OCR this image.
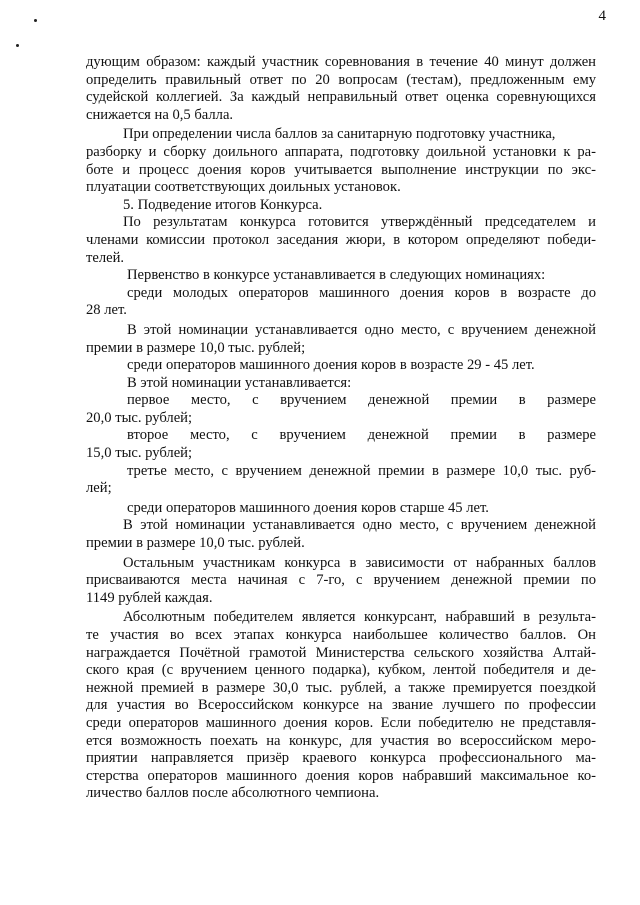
4
дующим образом: каждый участник соревнования в течение 40 минут должен
определить правильный ответ по 20 вопросам (тестам), предложенным ему
судейской коллегией. За каждый неправильный ответ оценка соревнующихся
снижается на 0,5 балла.
При определении числа баллов за санитарную подготовку участника,
разборку и сборку доильного аппарата, подготовку доильной установки к ра-
боте и процесс доения коров учитывается выполнение инструкции по экс-
плуатации соответствующих доильных установок.
5. Подведение итогов Конкурса.
По результатам конкурса готовится утверждённый председателем и
членами комиссии протокол заседания жюри, в котором определяют победи-
телей.
Первенство в конкурсе устанавливается в следующих номинациях:
среди молодых операторов машинного доения коров в возрасте до
28 лет.
В этой номинации устанавливается одно место, с вручением денежной
премии в размере 10,0 тыс. рублей;
среди операторов машинного доения коров в возрасте 29 - 45 лет.
В этой номинации устанавливается:
первое место, с вручением денежной премии в размере
20,0 тыс. рублей;
второе место, с вручением денежной премии в размере
15,0 тыс. рублей;
третье место, с вручением денежной премии в размере 10,0 тыс. руб-
лей;
среди операторов машинного доения коров старше 45 лет.
В этой номинации устанавливается одно место, с вручением денежной
премии в размере 10,0 тыс. рублей.
Остальным участникам конкурса в зависимости от набранных баллов
присваиваются места начиная с 7-го, с вручением денежной премии по
1149 рублей каждая.
Абсолютным победителем является конкурсант, набравший в результа-
те участия во всех этапах конкурса наибольшее количество баллов. Он
награждается Почётной грамотой Министерства сельского хозяйства Алтай-
ского края (с вручением ценного подарка), кубком, лентой победителя и де-
нежной премией в размере 30,0 тыс. рублей, а также премируется поездкой
для участия во Всероссийском конкурсе на звание лучшего по профессии
среди операторов машинного доения коров. Если победителю не представля-
ется возможность поехать на конкурс, для участия во всероссийском меро-
приятии направляется призёр краевого конкурса профессионального ма-
стерства операторов машинного доения коров набравший максимальное ко-
личество баллов после абсолютного чемпиона.
